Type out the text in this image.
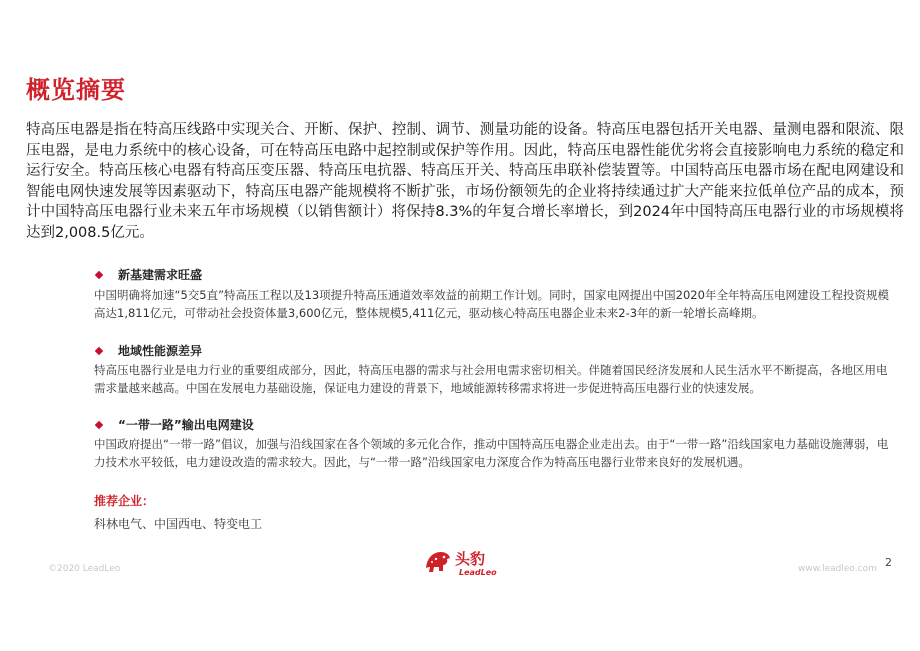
概览摘要
特高压电器是指在特高压线路中实现关合、开断、保护、控制、调节、测量功能的设备。特高压电器包括开关电器、量测电器和限流、限压电器，是电力系统中的核心设备，可在特高压电路中起控制或保护等作用。因此，特高压电器性能优劣将会直接影响电力系统的稳定和运行安全。特高压核心电器有特高压变压器、特高压电抗器、特高压开关、特高压串联补偿装置等。中国特高压电器市场在配电网建设和智能电网快速发展等因素驱动下，特高压电器产能规模将不断扩张，市场份额领先的企业将持续通过扩大产能来拉低单位产品的成本，预计中国特高压电器行业未来五年市场规模（以销售额计）将保持8.3%的年复合增长率增长，到2024年中国特高压电器行业的市场规模将达到2,008.5亿元。
新基建需求旺盛
中国明确将加速“5交5直”特高压工程以及13项提升特高压通道效率效益的前期工作计划。同时，国家电网提出中国2020年全年特高压电网建设工程投资规模高达1,811亿元，可带动社会投资体量3,600亿元，整体规模5,411亿元，驱动核心特高压电器企业未来2-3年的新一轮增长高峰期。
地域性能源差异
特高压电器行业是电力行业的重要组成部分，因此，特高压电器的需求与社会用电需求密切相关。伴随着国民经济发展和人民生活水平不断提高，各地区用电需求量越来越高。中国在发展电力基础设施，保证电力建设的背景下，地域能源转移需求将进一步促进特高压电器行业的快速发展。
“一带一路”输出电网建设
中国政府提出“一带一路”倡议，加强与沿线国家在各个领域的多元化合作，推动中国特高压电器企业走出去。由于“一带一路”沿线国家电力基础设施薄弱，电力技术水平较低，电力建设改造的需求较大。因此，与“一带一路”沿线国家电力深度合作为特高压电器行业带来良好的发展机遇。
推荐企业：
科林电气、中国西电、特变电工
©2020 LeadLeo
头豹
LeadLeo	www.leadleo.com 2
